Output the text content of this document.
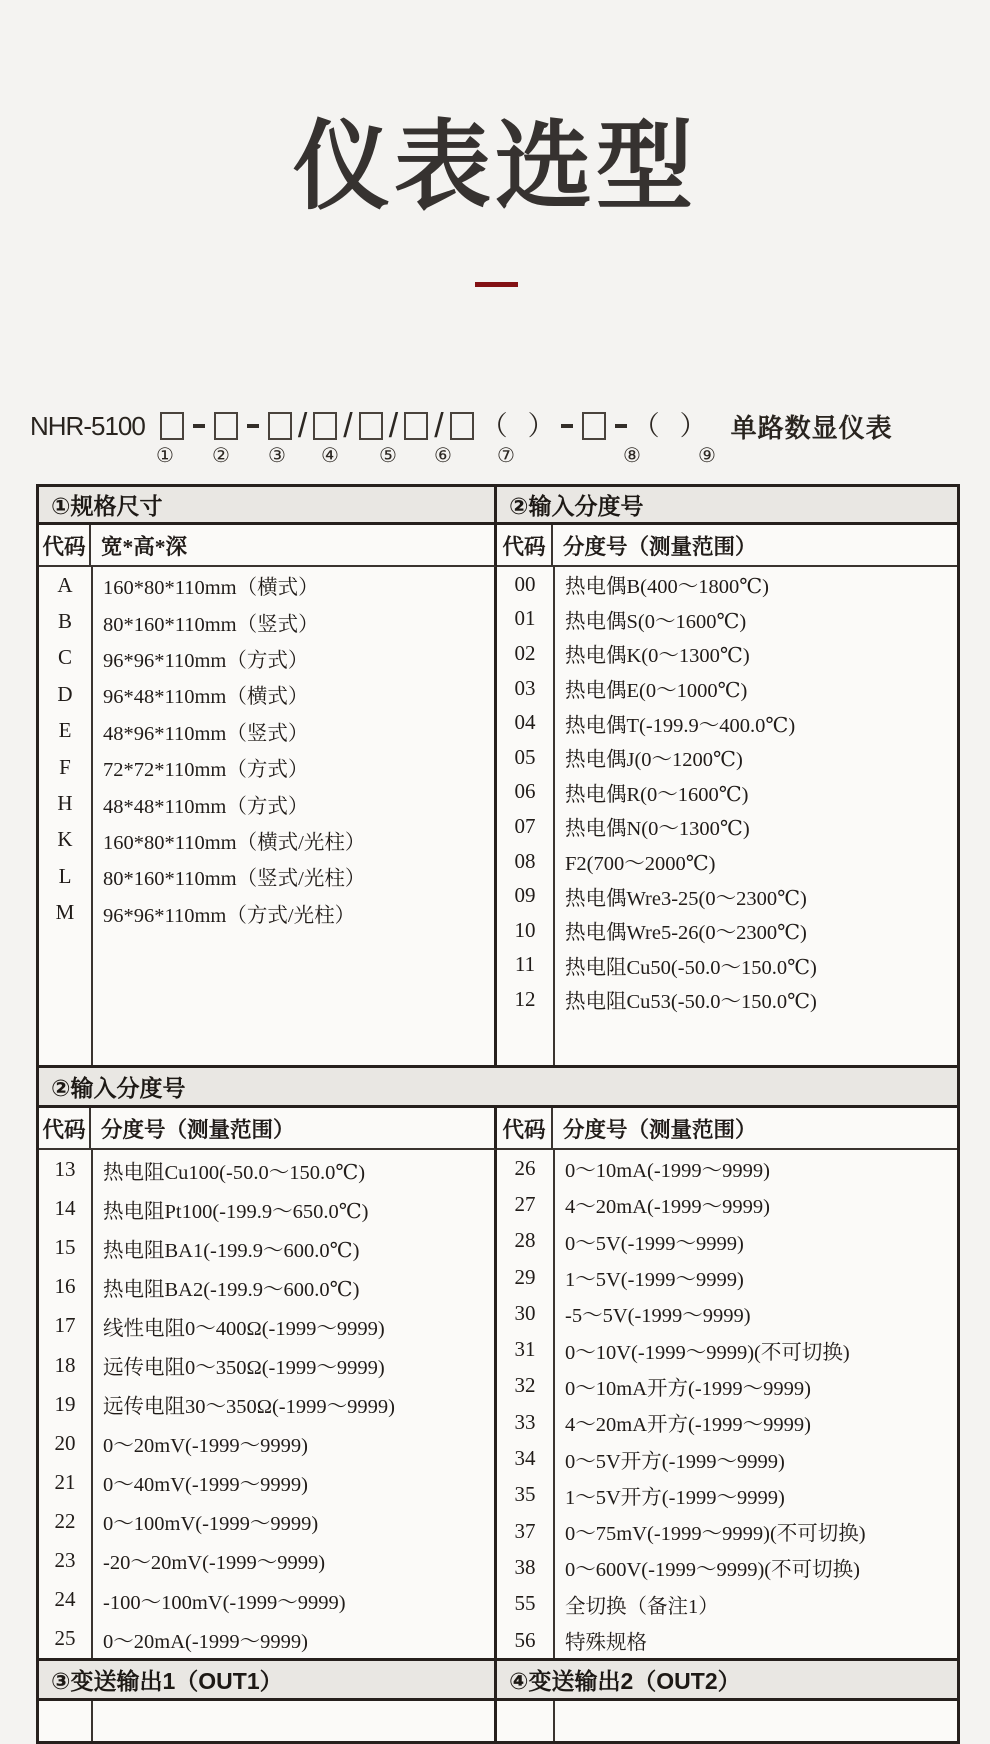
仪表选型
NHR-5100	/ / / / （ ）	（ ） 单路数显仪表
① ② ③ ④ ⑤ ⑥ ⑦	⑧	⑨
①规格尺寸	②输入分度号
代码 宽*高*深	代码 分度号（测量范围）
A	160*80*110mm（横式）
B	80*160*110mm（竖式）
C	96*96*110mm（方式）
D	96*48*110mm（横式）
E	48*96*110mm（竖式）
F	72*72*110mm（方式）
H	48*48*110mm（方式）
K	160*80*110mm（横式/光柱）
L	80*160*110mm（竖式/光柱）
M	96*96*110mm（方式/光柱）
00	热电偶B(400～1800℃)
01	热电偶S(0～1600℃)
02	热电偶K(0～1300℃)
03	热电偶E(0～1000℃)
04	热电偶T(-199.9～400.0℃)
05	热电偶J(0～1200℃)
06	热电偶R(0～1600℃)
07	热电偶N(0～1300℃)
08	F2(700～2000℃)
09	热电偶Wre3-25(0～2300℃)
10	热电偶Wre5-26(0～2300℃)
11	热电阻Cu50(-50.0～150.0℃)
12	热电阻Cu53(-50.0～150.0℃)
②输入分度号
代码 分度号（测量范围）	代码 分度号（测量范围）
13	热电阻Cu100(-50.0～150.0℃)
14	热电阻Pt100(-199.9～650.0℃)
15	热电阻BA1(-199.9～600.0℃)
16	热电阻BA2(-199.9～600.0℃)
17	线性电阻0～400Ω(-1999～9999)
18	远传电阻0～350Ω(-1999～9999)
19	远传电阻30～350Ω(-1999～9999)
20	0～20mV(-1999～9999)
21	0～40mV(-1999～9999)
22	0～100mV(-1999～9999)
23	-20～20mV(-1999～9999)
24	-100～100mV(-1999～9999)
25	0～20mA(-1999～9999)
26	0～10mA(-1999～9999)
27	4～20mA(-1999～9999)
28	0～5V(-1999～9999)
29	1～5V(-1999～9999)
30	-5～5V(-1999～9999)
31	0～10V(-1999～9999)(不可切换)
32	0～10mA开方(-1999～9999)
33	4～20mA开方(-1999～9999)
34	0～5V开方(-1999～9999)
35	1～5V开方(-1999～9999)
37	0～75mV(-1999～9999)(不可切换)
38	0～600V(-1999～9999)(不可切换)
55	全切换（备注1）
56	特殊规格
③变送输出1（OUT1）	④变送输出2（OUT2）
